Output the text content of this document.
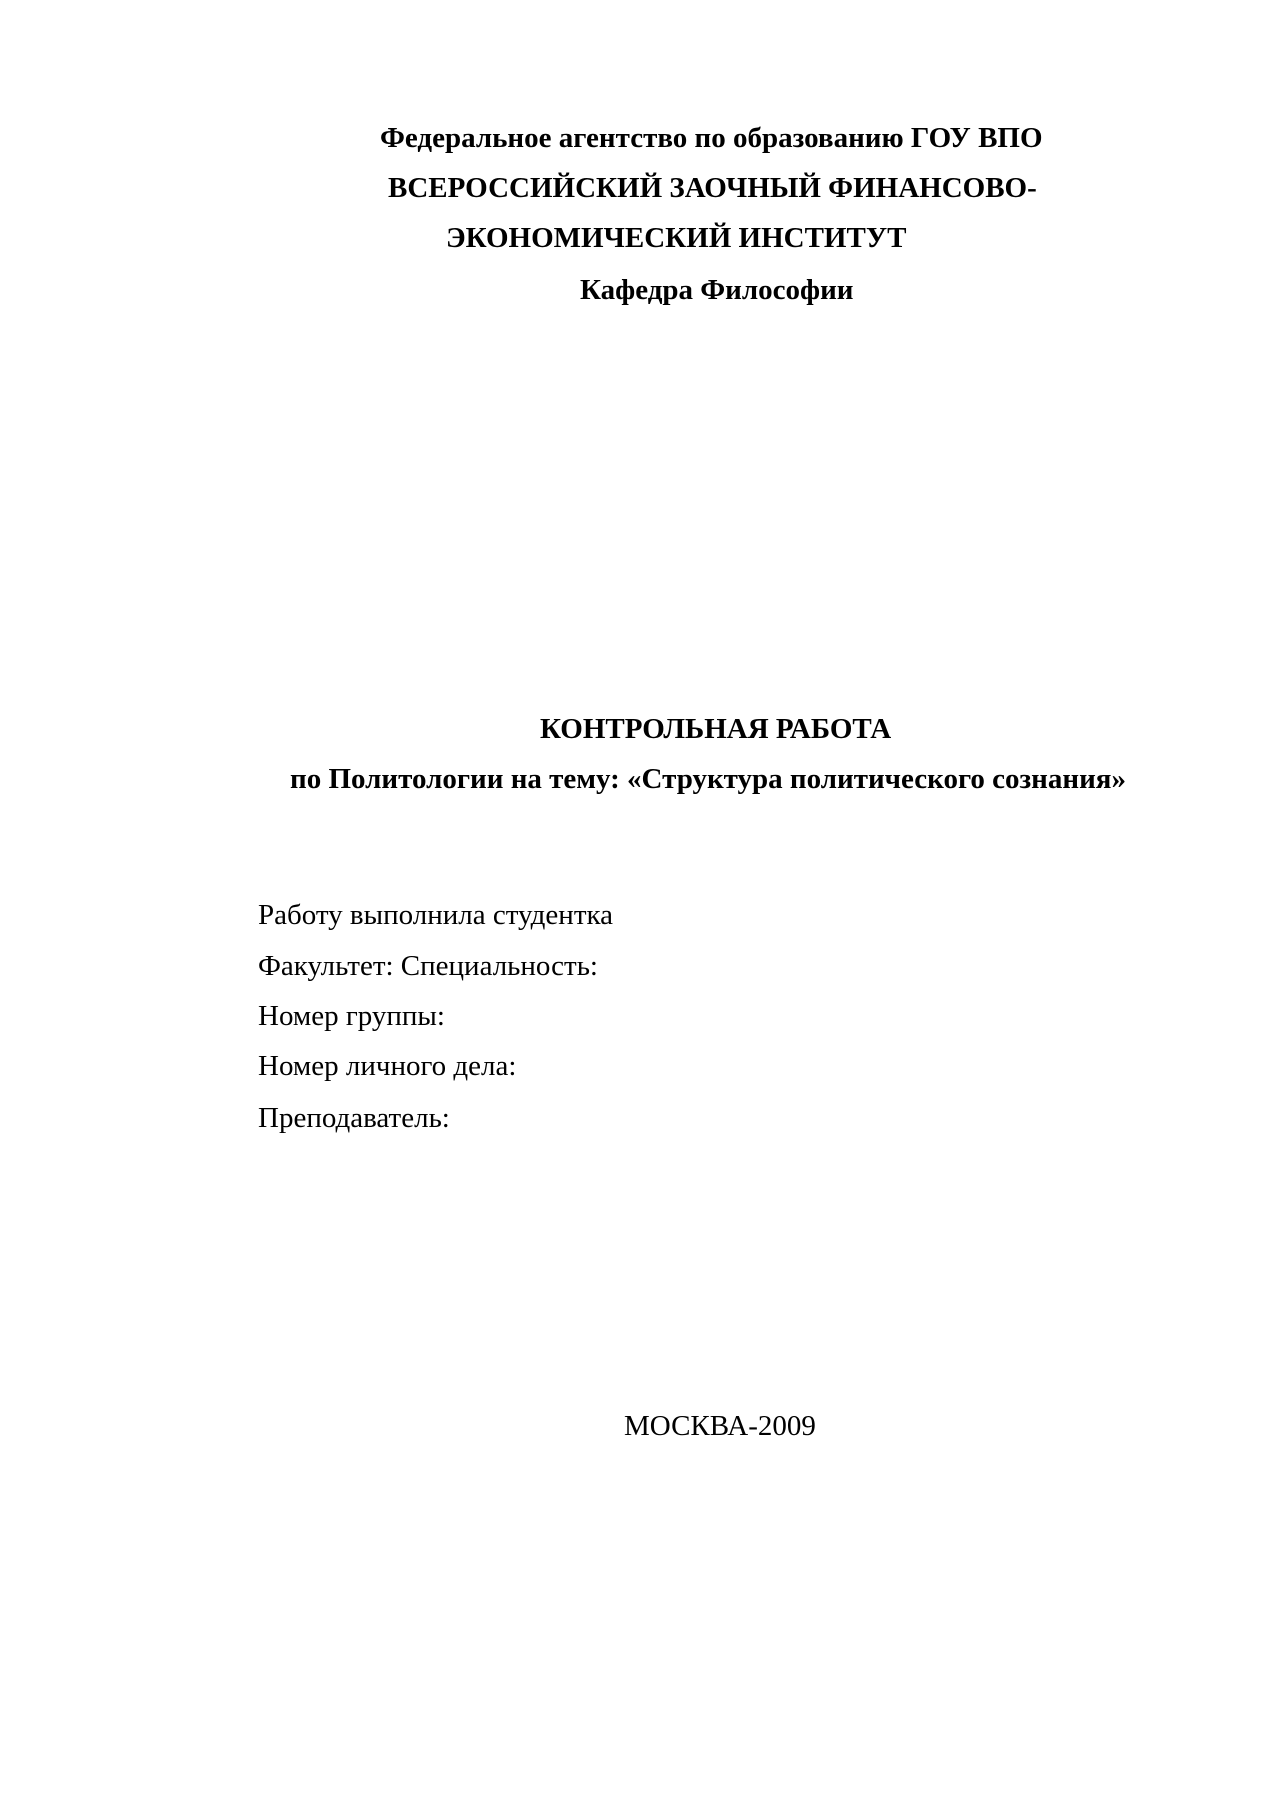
Федеральное агентство по образованию ГОУ ВПО
ВСЕРОССИЙСКИЙ ЗАОЧНЫЙ ФИНАНСОВО-
ЭКОНОМИЧЕСКИЙ ИНСТИТУТ
Кафедра Философии
КОНТРОЛЬНАЯ РАБОТА
по Политологии на тему: «Структура политического сознания»
Работу выполнила студентка
Факультет: Специальность:
Номер группы:
Номер личного дела:
Преподаватель:
МОСКВА-2009
